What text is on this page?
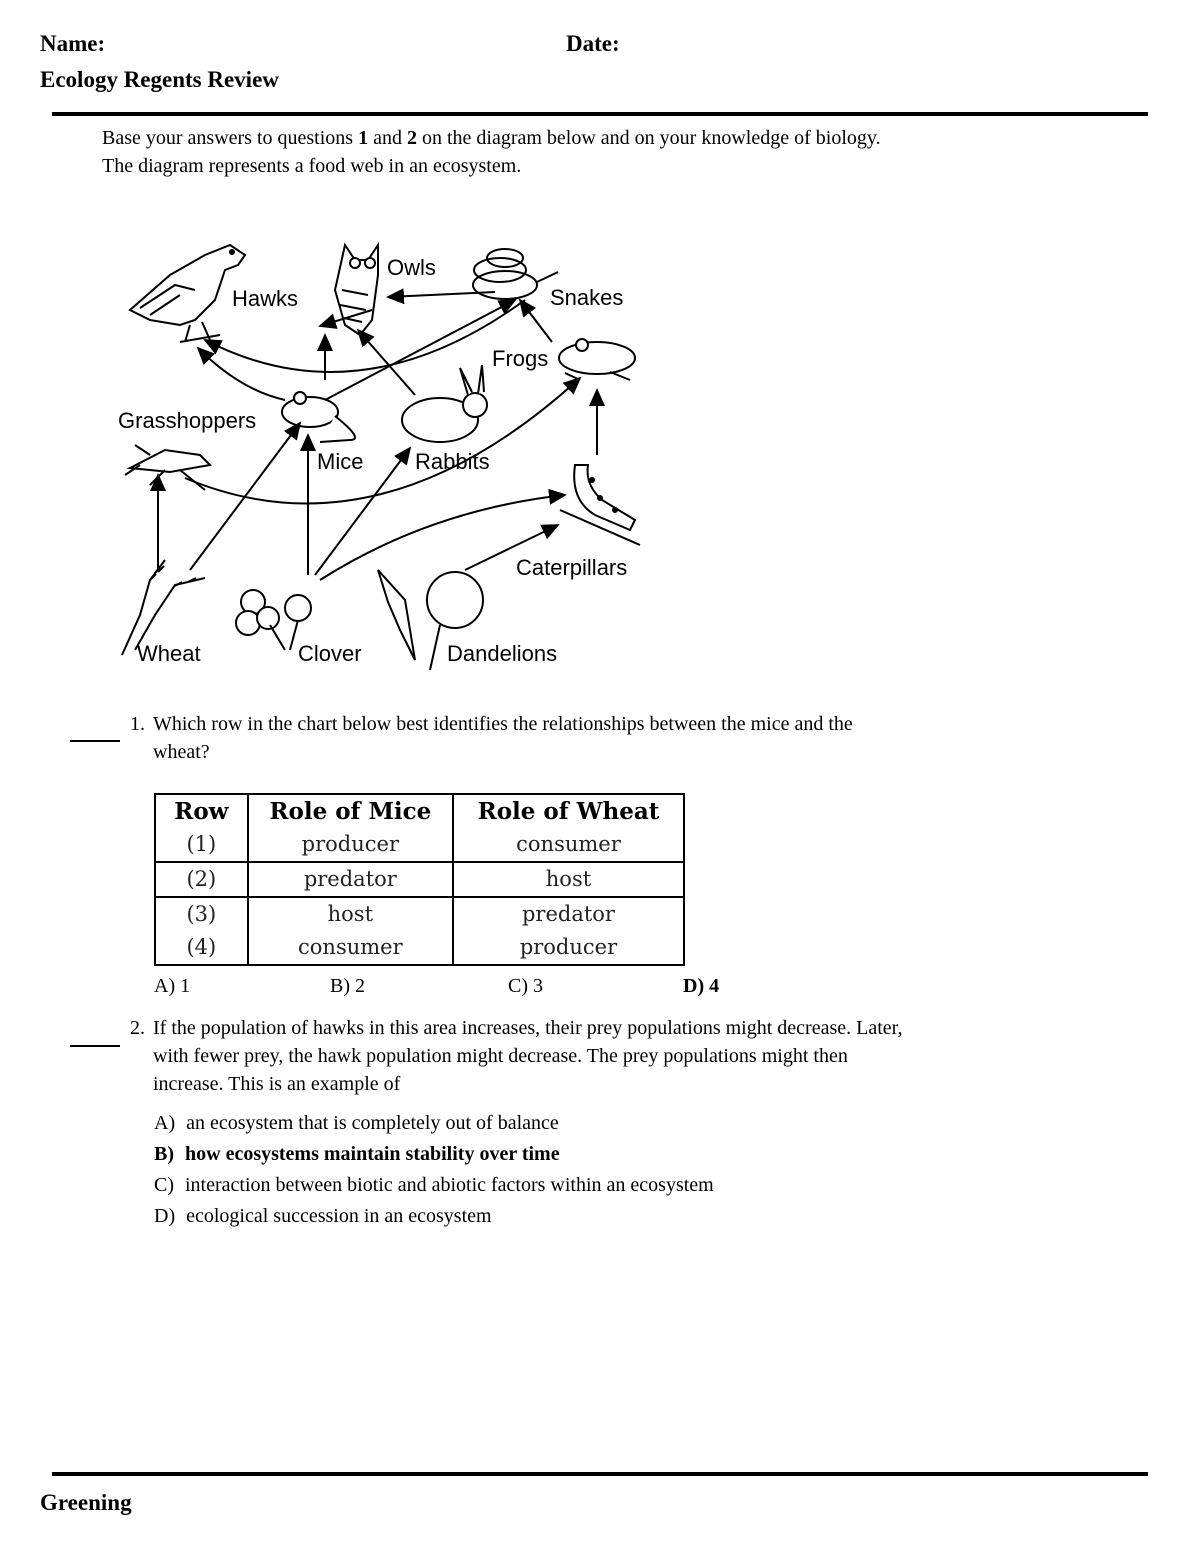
Name:	Date:
Ecology Regents Review
Base your answers to questions 1 and 2 on the diagram below and on your knowledge of biology.
The diagram represents a food web in an ecosystem.
Hawks
Owls
Snakes
Frogs
Grasshoppers
Mice Rabbits
Caterpillars
Wheat	Clover	Dandelions
1. Which row in the chart below best identifies the relationships between the mice and the
wheat?
Row	Role of Mice	Role of Wheat
(1)	producer	consumer
(2)	predator	host
(3)	host	predator
(4)	consumer	producer
A) 1	B) 2	C) 3	D) 4
2. If the population of hawks in this area increases, their prey populations might decrease. Later,
with fewer prey, the hawk population might decrease. The prey populations might then
increase. This is an example of
A) an ecosystem that is completely out of balance
B) how ecosystems maintain stability over time
C) interaction between biotic and abiotic factors within an ecosystem
D) ecological succession in an ecosystem
Greening
